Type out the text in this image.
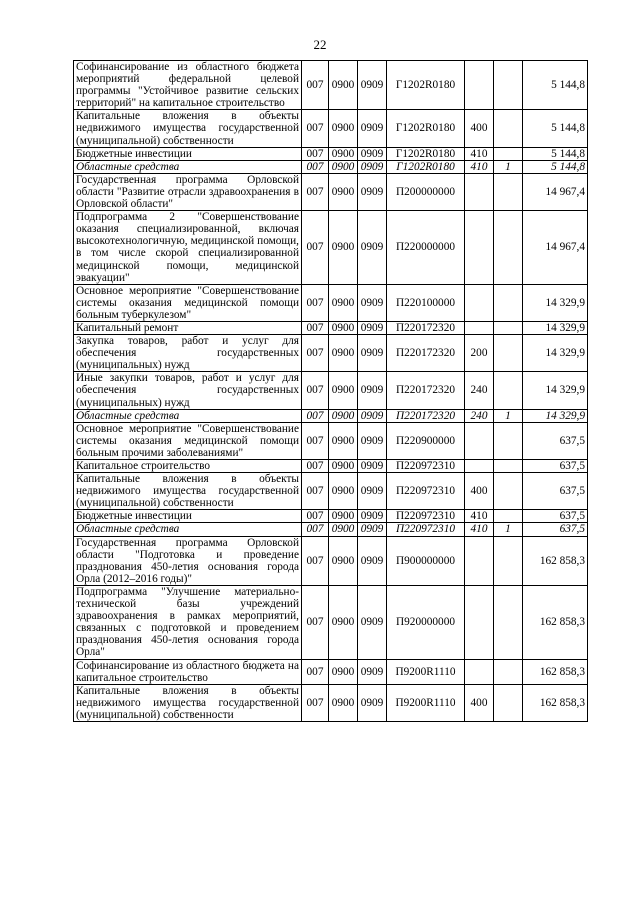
22
Софинансирование из областного бюджета мероприятий федеральной целевой программы "Устойчивое развитие сельских территорий" на капитальное строительство	007	0900	0909	Г1202R0180			5 144,8
Капитальные вложения в объекты недвижимого имущества государственной (муниципальной) собственности	007	0900	0909	Г1202R0180	400		5 144,8
Бюджетные инвестиции	007	0900	0909	Г1202R0180	410		5 144,8
Областные средства	007	0900	0909	Г1202R0180	410	1	5 144,8
Государственная программа Орловской области "Развитие отрасли здравоохранения в Орловской области"	007	0900	0909	П200000000			14 967,4
Подпрограмма 2 "Совершенствование оказания специализированной, включая высокотехнологичную, медицинской помощи, в том числе скорой специализированной медицинской помощи, медицинской эвакуации"	007	0900	0909	П220000000			14 967,4
Основное мероприятие "Совершенствование системы оказания медицинской помощи больным туберкулезом"	007	0900	0909	П220100000			14 329,9
Капитальный ремонт	007	0900	0909	П220172320			14 329,9
Закупка товаров, работ и услуг для обеспечения государственных (муниципальных) нужд	007	0900	0909	П220172320	200		14 329,9
Иные закупки товаров, работ и услуг для обеспечения государственных (муниципальных) нужд	007	0900	0909	П220172320	240		14 329,9
Областные средства	007	0900	0909	П220172320	240	1	14 329,9
Основное мероприятие "Совершенствование системы оказания медицинской помощи больным прочими заболеваниями"	007	0900	0909	П220900000			637,5
Капитальное строительство	007	0900	0909	П220972310			637,5
Капитальные вложения в объекты недвижимого имущества государственной (муниципальной) собственности	007	0900	0909	П220972310	400		637,5
Бюджетные инвестиции	007	0900	0909	П220972310	410		637,5
Областные средства	007	0900	0909	П220972310	410	1	637,5
Государственная программа Орловской области "Подготовка и проведение празднования 450-летия основания города Орла (2012–2016 годы)"	007	0900	0909	П900000000			162 858,3
Подпрограмма "Улучшение материально-технической базы учреждений здравоохранения в рамках мероприятий, связанных с подготовкой и проведением празднования 450-летия основания города Орла"	007	0900	0909	П920000000			162 858,3
Софинансирование из областного бюджета на капитальное строительство	007	0900	0909	П9200R1110			162 858,3
Капитальные вложения в объекты недвижимого имущества государственной (муниципальной) собственности	007	0900	0909	П9200R1110	400		162 858,3
